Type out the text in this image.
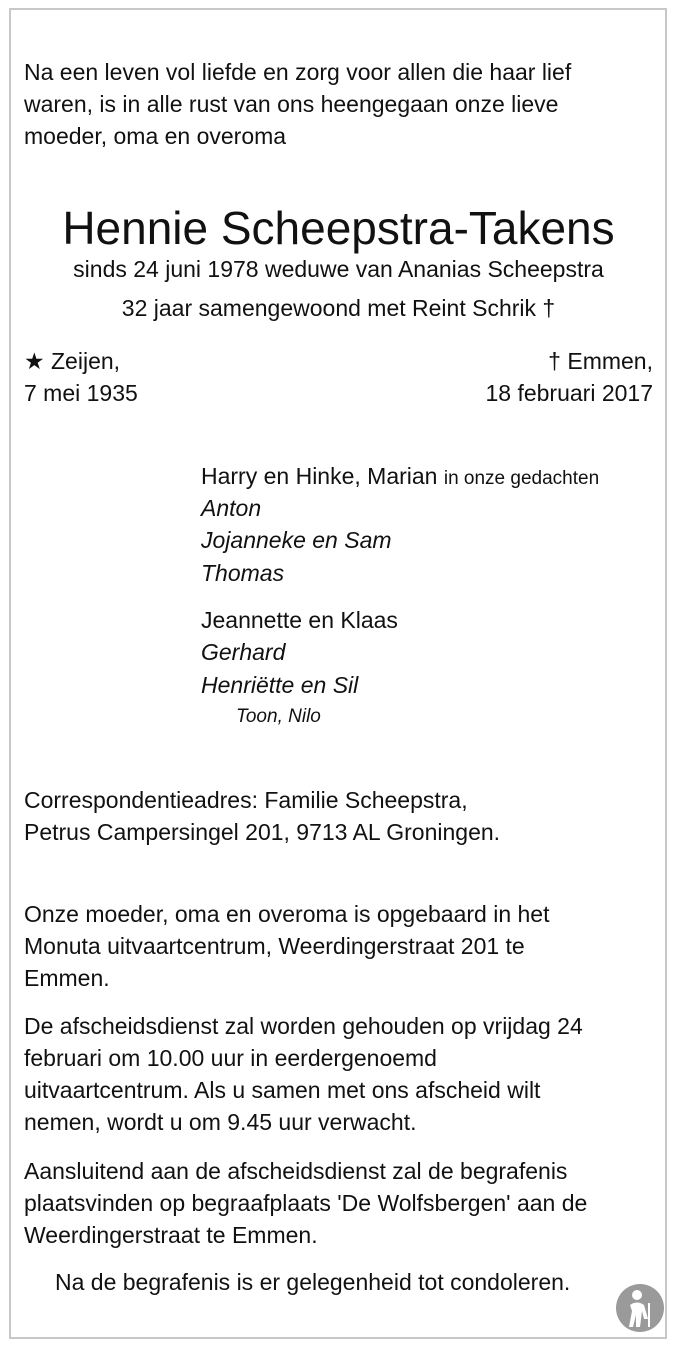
Na een leven vol liefde en zorg voor allen die haar lief
waren, is in alle rust van ons heengegaan onze lieve
moeder, oma en overoma
Hennie Scheepstra-Takens
sinds 24 juni 1978 weduwe van Ananias Scheepstra
32 jaar samengewoond met Reint Schrik †
★ Zeijen,
7 mei 1935
† Emmen,
18 februari 2017
Harry en Hinke, Marian in onze gedachten
Anton
Jojanneke en Sam
Thomas
Jeannette en Klaas
Gerhard
Henriëtte en Sil
Toon, Nilo
Correspondentieadres: Familie Scheepstra,
Petrus Campersingel 201, 9713 AL Groningen.
Onze moeder, oma en overoma is opgebaard in het
Monuta uitvaartcentrum, Weerdingerstraat 201 te
Emmen.
De afscheidsdienst zal worden gehouden op vrijdag 24
februari om 10.00 uur in eerdergenoemd
uitvaartcentrum. Als u samen met ons afscheid wilt
nemen, wordt u om 9.45 uur verwacht.
Aansluitend aan de afscheidsdienst zal de begrafenis
plaatsvinden op begraafplaats 'De Wolfsbergen' aan de
Weerdingerstraat te Emmen.
Na de begrafenis is er gelegenheid tot condoleren.
